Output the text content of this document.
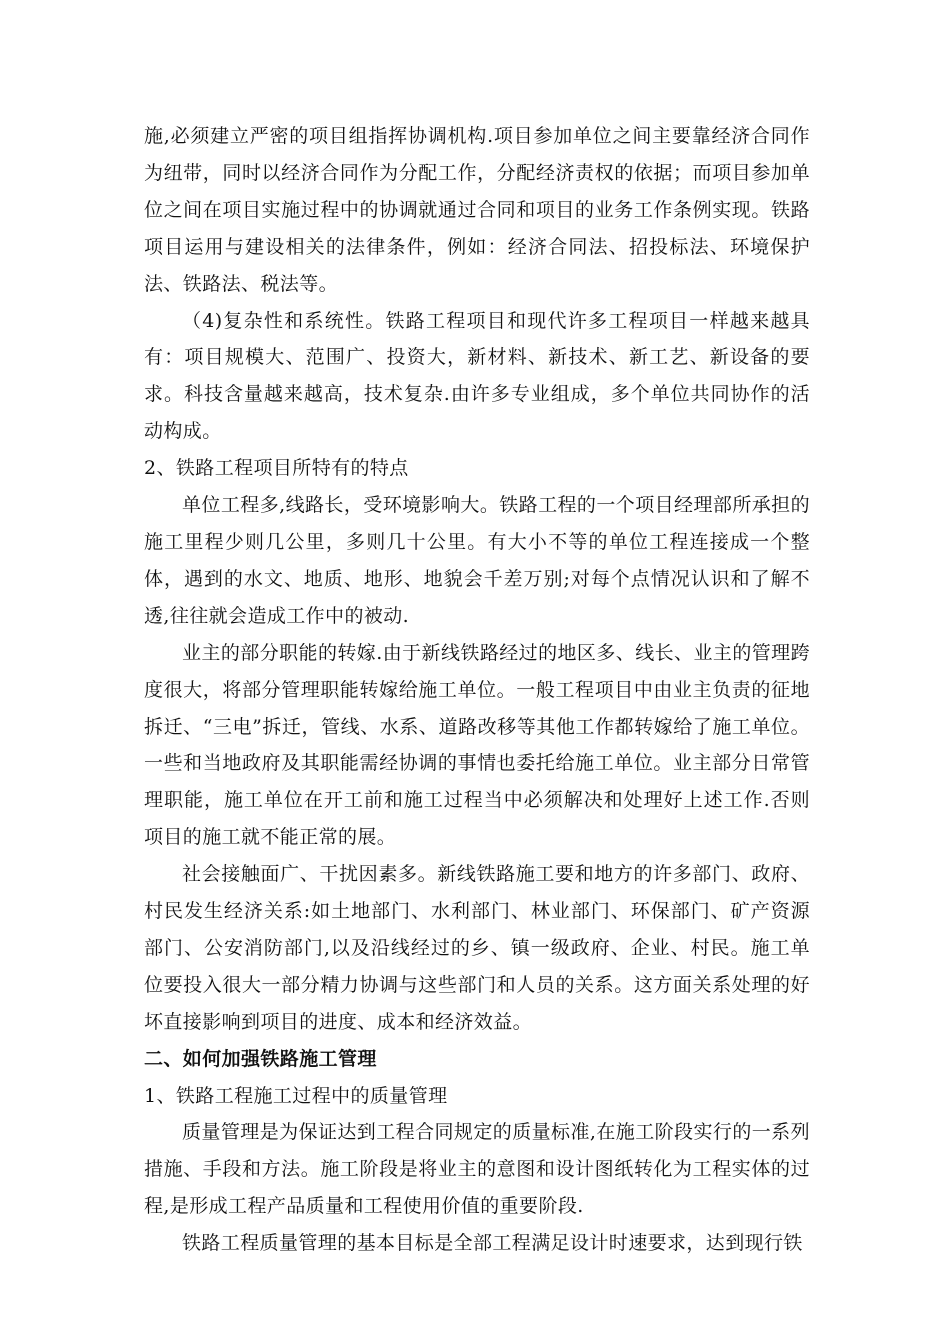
施,必须建立严密的项目组指挥协调机构.项目参加单位之间主要靠经济合同作为纽带，同时以经济合同作为分配工作，分配经济责权的依据；而项目参加单位之间在项目实施过程中的协调就通过合同和项目的业务工作条例实现。铁路项目运用与建设相关的法律条件，例如：经济合同法、招投标法、环境保护法、铁路法、税法等。

（4)复杂性和系统性。铁路工程项目和现代许多工程项目一样越来越具有：项目规模大、范围广、投资大，新材料、新技术、新工艺、新设备的要求。科技含量越来越高，技术复杂.由许多专业组成，多个单位共同协作的活动构成。

2、铁路工程项目所特有的特点

单位工程多,线路长，受环境影响大。铁路工程的一个项目经理部所承担的施工里程少则几公里，多则几十公里。有大小不等的单位工程连接成一个整体，遇到的水文、地质、地形、地貌会千差万别;对每个点情况认识和了解不透,往往就会造成工作中的被动.

业主的部分职能的转嫁.由于新线铁路经过的地区多、线长、业主的管理跨度很大，将部分管理职能转嫁给施工单位。一般工程项目中由业主负责的征地拆迁、“三电”拆迁，管线、水系、道路改移等其他工作都转嫁给了施工单位。一些和当地政府及其职能需经协调的事情也委托给施工单位。业主部分日常管理职能，施工单位在开工前和施工过程当中必须解决和处理好上述工作.否则项目的施工就不能正常的展。

社会接触面广、干扰因素多。新线铁路施工要和地方的许多部门、政府、村民发生经济关系:如土地部门、水利部门、林业部门、环保部门、矿产资源部门、公安消防部门,以及沿线经过的乡、镇一级政府、企业、村民。施工单位要投入很大一部分精力协调与这些部门和人员的关系。这方面关系处理的好坏直接影响到项目的进度、成本和经济效益。

二、如何加强铁路施工管理

1、铁路工程施工过程中的质量管理

质量管理是为保证达到工程合同规定的质量标准,在施工阶段实行的一系列措施、手段和方法。施工阶段是将业主的意图和设计图纸转化为工程实体的过程,是形成工程产品质量和工程使用价值的重要阶段.

铁路工程质量管理的基本目标是全部工程满足设计时速要求，达到现行铁
